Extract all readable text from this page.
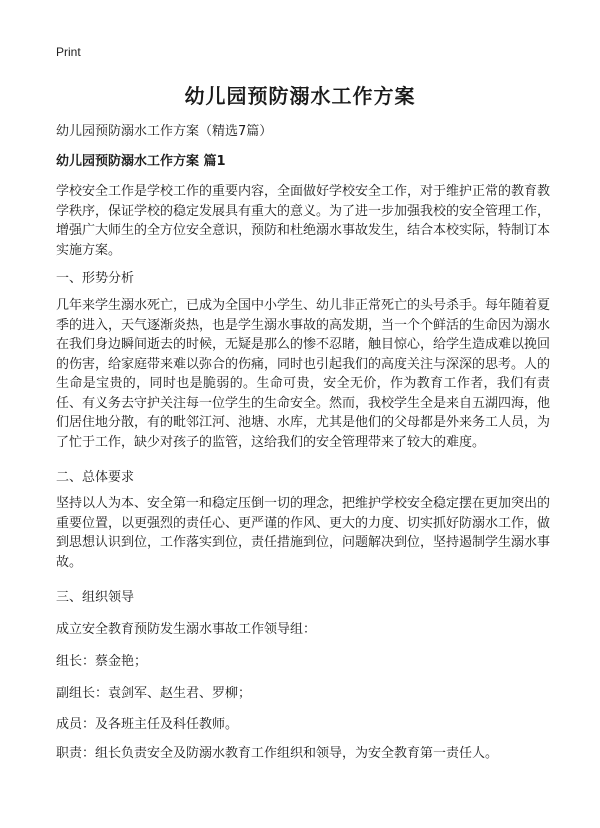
Print
幼儿园预防溺水工作方案

幼儿园预防溺水工作方案（精选7篇）

幼儿园预防溺水工作方案 篇1

学校安全工作是学校工作的重要内容，全面做好学校安全工作，对于维护正常的教育教学秩序，保证学校的稳定发展具有重大的意义。为了进一步加强我校的安全管理工作，增强广大师生的全方位安全意识，预防和杜绝溺水事故发生，结合本校实际，特制订本实施方案。

一、形势分析

几年来学生溺水死亡，已成为全国中小学生、幼儿非正常死亡的头号杀手。每年随着夏季的进入，天气逐渐炎热，也是学生溺水事故的高发期，当一个个鲜活的生命因为溺水在我们身边瞬间逝去的时候，无疑是那么的惨不忍睹，触目惊心，给学生造成难以挽回的伤害，给家庭带来难以弥合的伤痛，同时也引起我们的高度关注与深深的思考。人的生命是宝贵的，同时也是脆弱的。生命可贵，安全无价，作为教育工作者，我们有责任、有义务去守护关注每一位学生的生命安全。然而，我校学生全是来自五湖四海，他们居住地分散，有的毗邻江河、池塘、水库，尤其是他们的父母都是外来务工人员，为了忙于工作，缺少对孩子的监管，这给我们的安全管理带来了较大的难度。

二、总体要求

坚持以人为本、安全第一和稳定压倒一切的理念，把维护学校安全稳定摆在更加突出的重要位置，以更强烈的责任心、更严谨的作风、更大的力度、切实抓好防溺水工作，做到思想认识到位，工作落实到位，责任措施到位，问题解决到位，坚持遏制学生溺水事故。

三、组织领导

成立安全教育预防发生溺水事故工作领导组：

组长：蔡金艳；

副组长：袁剑军、赵生君、罗柳；

成员：及各班主任及科任教师。

职责：组长负责安全及防溺水教育工作组织和领导，为安全教育第一责任人。
